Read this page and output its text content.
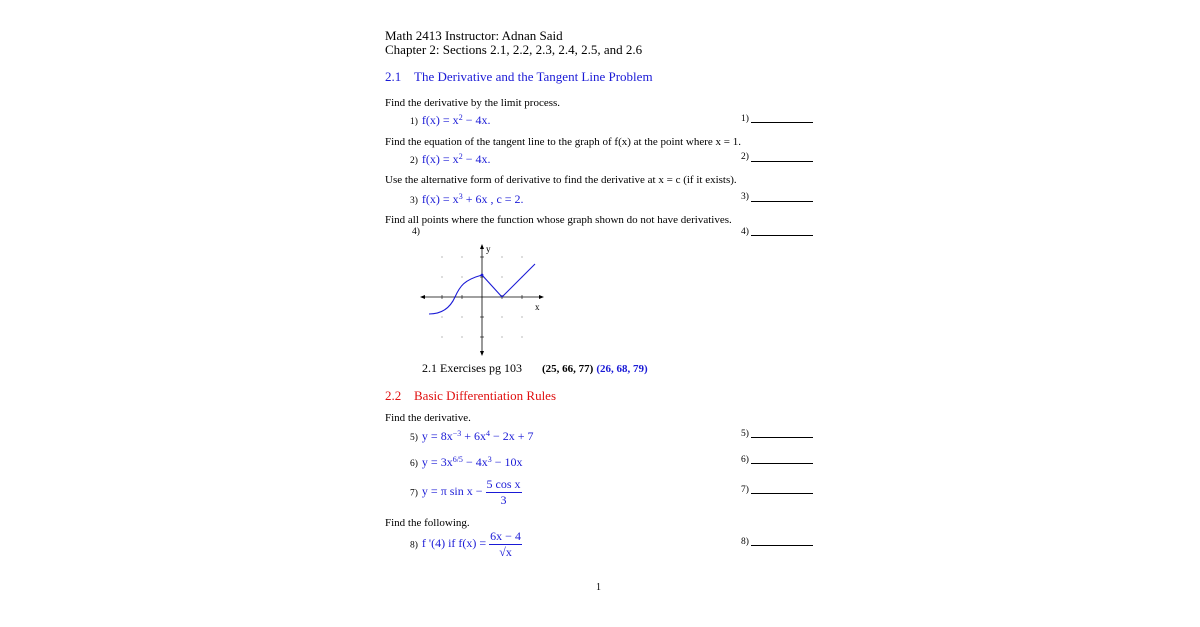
Math 2413 Instructor: Adnan Said
Chapter 2: Sections 2.1, 2.2, 2.3, 2.4, 2.5, and 2.6
2.1 The Derivative and the Tangent Line Problem
Find the derivative by the limit process.
1) $f(x) = x^2 - 4x$.
Find the equation of the tangent line to the graph of f(x) at the point where x = 1.
2) $f(x) = x^2 - 4x$.
Use the alternative form of derivative to find the derivative at x = c (if it exists).
3) $f(x) = x^3 + 6x$ , c = 2.
Find all points where the function whose graph shown do not have derivatives.
4)
y
x
2.1 Exercises pg 103 (25, 66, 77) (26, 68, 79)
2.2 Basic Differentiation Rules
Find the derivative.
5) $y = 8x^{-3} + 6x^4 - 2x + 7$
6) $y = 3x^{6/5} - 4x^3 - 10x$
7) y = π $\sin x - \frac{\text{5 cos x}}{3}$
Find the following.
8) f '(4) if $f(x) = \frac{6x - 4}{√x}$
1)
2)
3)
4)
5)
6)
7)
8)
1
